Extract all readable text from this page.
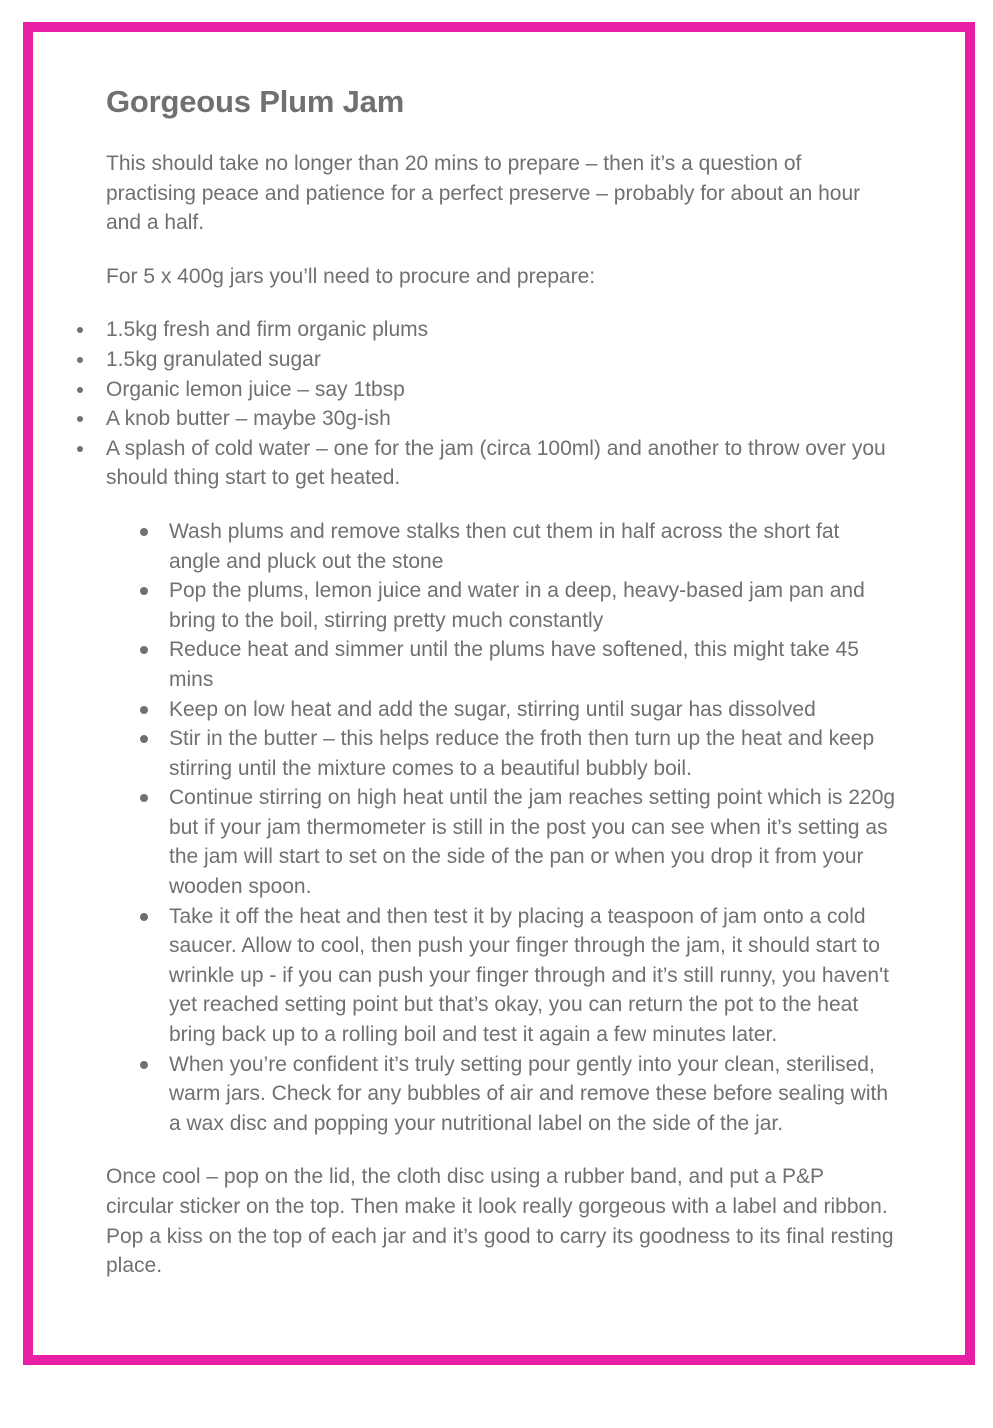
Gorgeous Plum Jam

This should take no longer than 20 mins to prepare – then it’s a question of practising peace and patience for a perfect preserve – probably for about an hour and a half.

For 5 x 400g jars you’ll need to procure and prepare:

1.5kg fresh and firm organic plums
1.5kg granulated sugar
Organic lemon juice – say 1tbsp
A knob butter – maybe 30g-ish
A splash of cold water – one for the jam (circa 100ml) and another to throw over you should thing start to get heated.
Wash plums and remove stalks then cut them in half across the short fat angle and pluck out the stone
Pop the plums, lemon juice and water in a deep, heavy-based jam pan and bring to the boil, stirring pretty much constantly
Reduce heat and simmer until the plums have softened, this might take 45 mins
Keep on low heat and add the sugar, stirring until sugar has dissolved
Stir in the butter – this helps reduce the froth then turn up the heat and keep stirring until the mixture comes to a beautiful bubbly boil.
Continue stirring on high heat until the jam reaches setting point which is 220g but if your jam thermometer is still in the post you can see when it’s setting as the jam will start to set on the side of the pan or when you drop it from your wooden spoon.
Take it off the heat and then test it by placing a teaspoon of jam onto a cold saucer. Allow to cool, then push your finger through the jam, it should start to wrinkle up - if you can push your finger through and it’s still runny, you haven't yet reached setting point but that’s okay, you can return the pot to the heat bring back up to a rolling boil and test it again a few minutes later.
When you’re confident it’s truly setting pour gently into your clean, sterilised, warm jars. Check for any bubbles of air and remove these before sealing with a wax disc and popping your nutritional label on the side of the jar.

Once cool – pop on the lid, the cloth disc using a rubber band, and put a P&P circular sticker on the top. Then make it look really gorgeous with a label and ribbon. Pop a kiss on the top of each jar and it’s good to carry its goodness to its final resting place.
